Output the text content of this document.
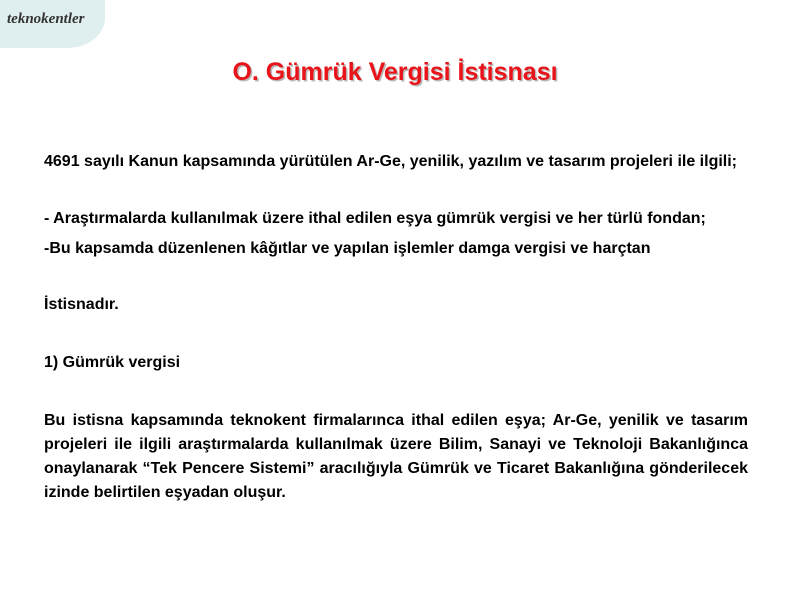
teknokentler
O. Gümrük Vergisi İstisnası

4691 sayılı Kanun kapsamında yürütülen Ar-Ge, yenilik, yazılım ve tasarım projeleri ile ilgili;

- Araştırmalarda kullanılmak üzere ithal edilen eşya gümrük vergisi ve her türlü fondan;

-Bu kapsamda düzenlenen kâğıtlar ve yapılan işlemler damga vergisi ve harçtan

İstisnadır.

1) Gümrük vergisi

Bu istisna kapsamında teknokent firmalarınca ithal edilen eşya; Ar-Ge, yenilik ve tasarım projeleri ile ilgili araştırmalarda kullanılmak üzere Bilim, Sanayi ve Teknoloji Bakanlığınca onaylanarak “Tek Pencere Sistemi” aracılığıyla Gümrük ve Ticaret Bakanlığına gönderilecek izinde belirtilen eşyadan oluşur.
